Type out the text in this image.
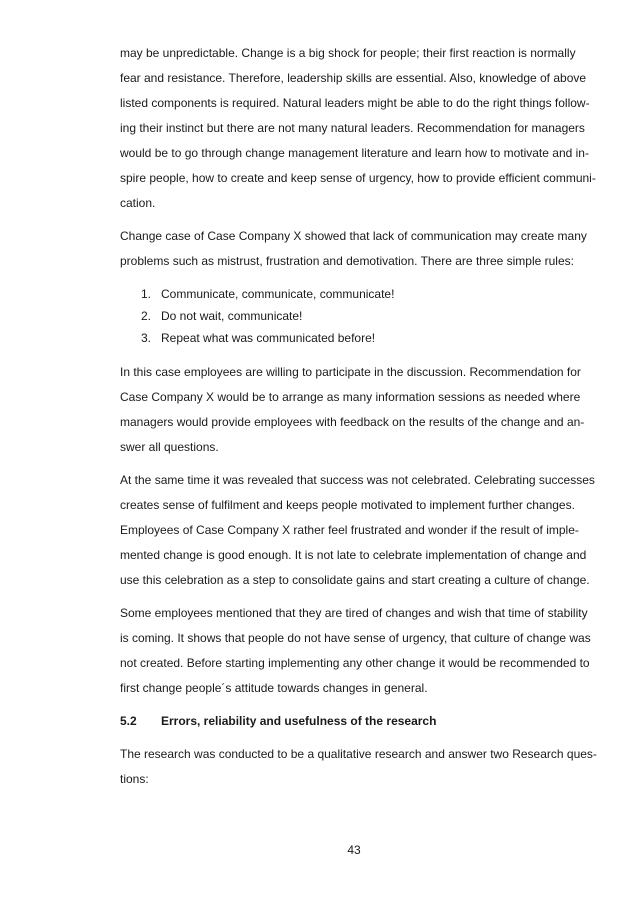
may be unpredictable. Change is a big shock for people; their first reaction is normally
fear and resistance. Therefore, leadership skills are essential. Also, knowledge of above
listed components is required. Natural leaders might be able to do the right things follow-
ing their instinct but there are not many natural leaders. Recommendation for managers
would be to go through change management literature and learn how to motivate and in-
spire people, how to create and keep sense of urgency, how to provide efficient communi-
cation.
Change case of Case Company X showed that lack of communication may create many
problems such as mistrust, frustration and demotivation. There are three simple rules:
1. Communicate, communicate, communicate!
2. Do not wait, communicate!
3. Repeat what was communicated before!
In this case employees are willing to participate in the discussion. Recommendation for
Case Company X would be to arrange as many information sessions as needed where
managers would provide employees with feedback on the results of the change and an-
swer all questions.
At the same time it was revealed that success was not celebrated. Celebrating successes
creates sense of fulfilment and keeps people motivated to implement further changes.
Employees of Case Company X rather feel frustrated and wonder if the result of imple-
mented change is good enough. It is not late to celebrate implementation of change and
use this celebration as a step to consolidate gains and start creating a culture of change.
Some employees mentioned that they are tired of changes and wish that time of stability
is coming. It shows that people do not have sense of urgency, that culture of change was
not created. Before starting implementing any other change it would be recommended to
first change people´s attitude towards changes in general.
5.2 Errors, reliability and usefulness of the research
The research was conducted to be a qualitative research and answer two Research ques-
tions:
43
